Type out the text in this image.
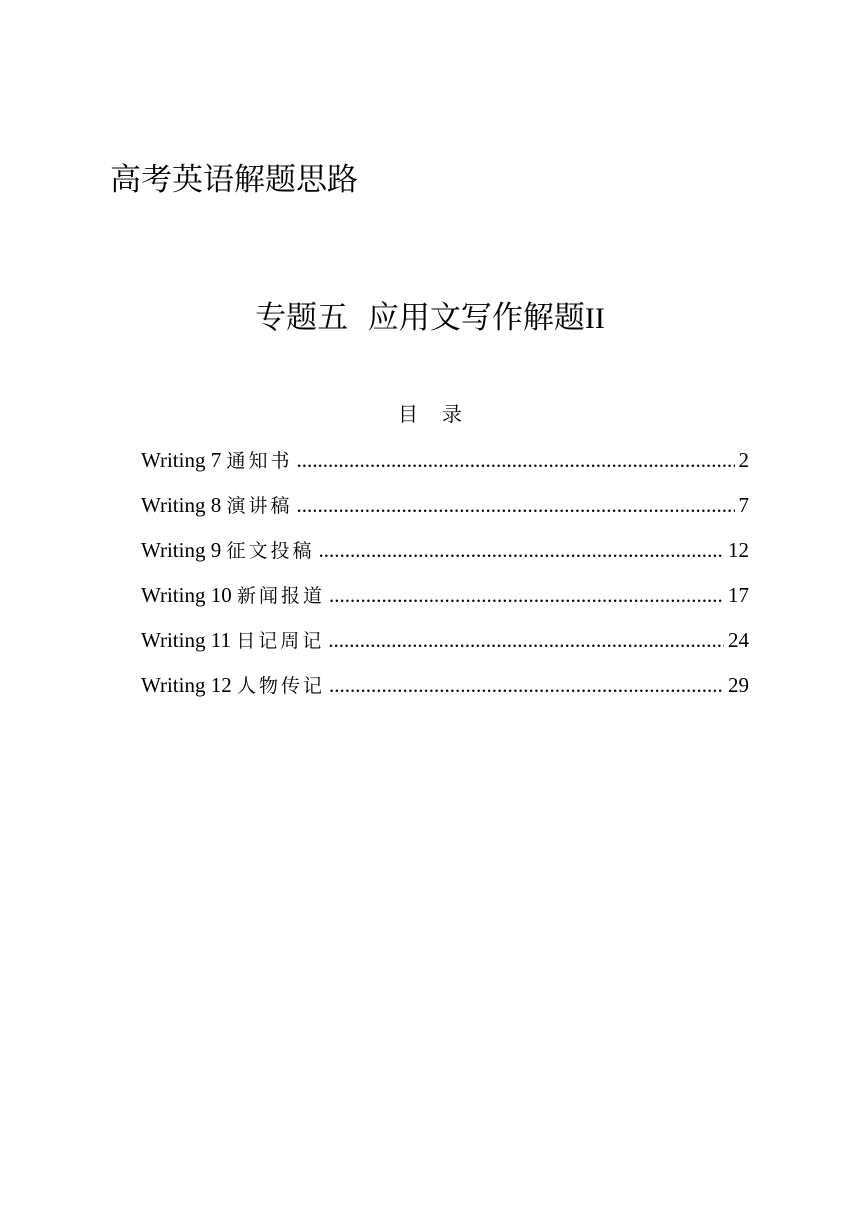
高考英语解题思路
专题五  应用文写作解题II
目录
Writing 7 通知书 .....	2
Writing 8 演讲稿 .....	7
Writing 9 征文投稿 .....	12
Writing 10 新闻报道 .....	17
Writing 11 日记周记 .....	24
Writing 12 人物传记 .....	29
